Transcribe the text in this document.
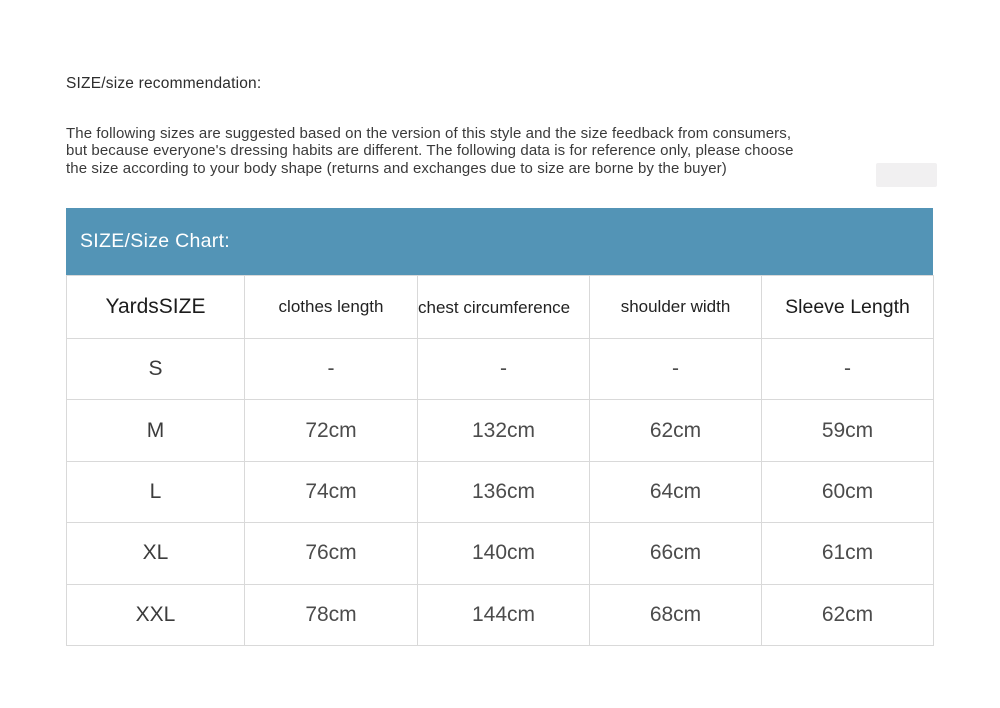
SIZE/size recommendation:
The following sizes are suggested based on the version of this style and the size feedback from consumers,
but because everyone's dressing habits are different. The following data is for reference only, please choose
the size according to your body shape (returns and exchanges due to size are borne by the buyer)
SIZE/Size Chart:
YardsSIZE	clothes length	chest circumference	shoulder width	Sleeve Length
S	-	-	-	-
M	72cm	132cm	62cm	59cm
L	74cm	136cm	64cm	60cm
XL	76cm	140cm	66cm	61cm
XXL	78cm	144cm	68cm	62cm
